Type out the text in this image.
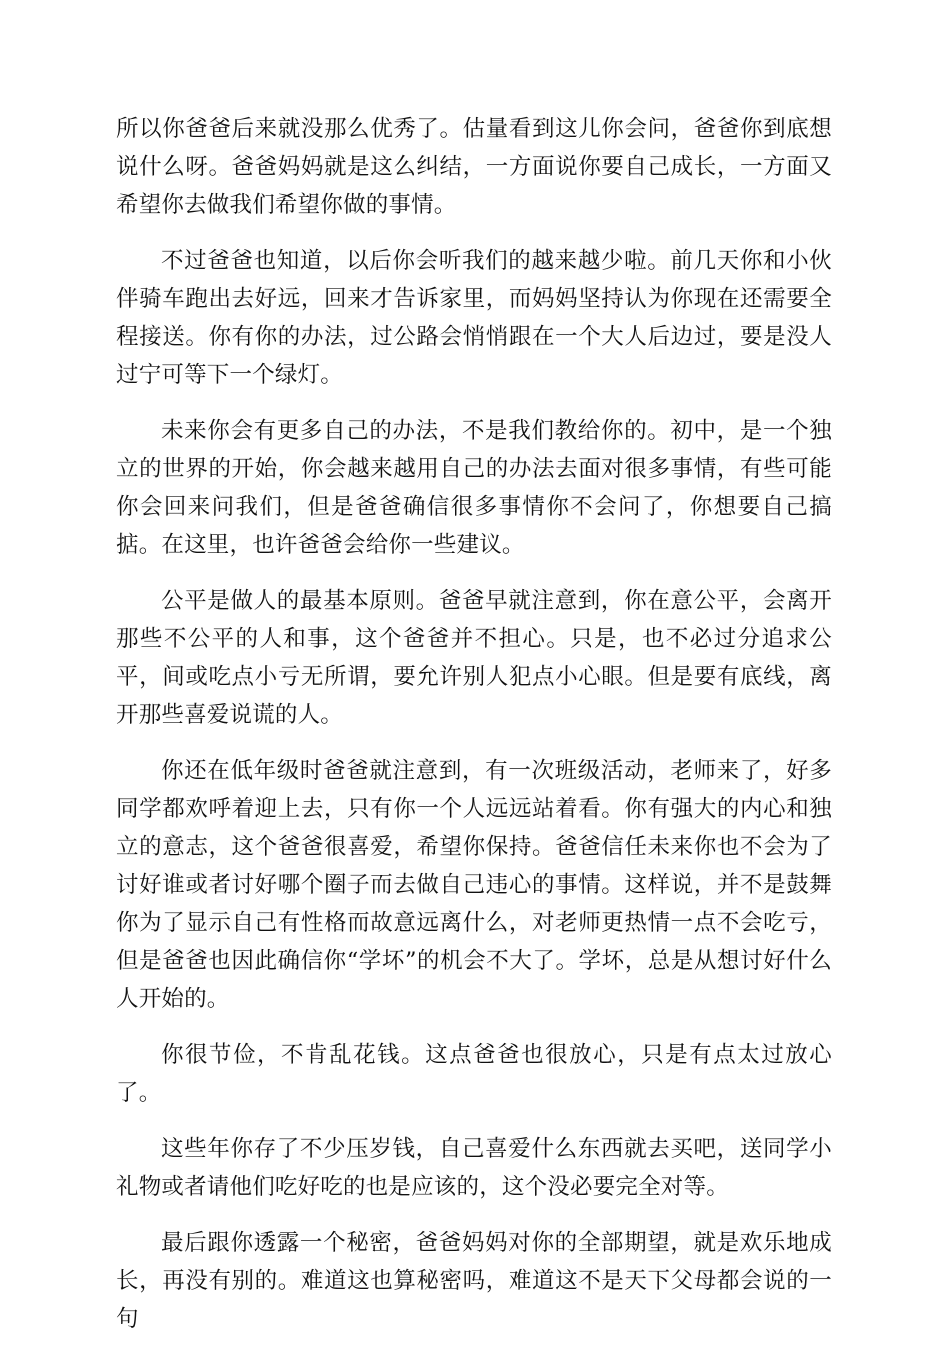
所以你爸爸后来就没那么优秀了。估量看到这儿你会问，爸爸你到底想说什么呀。爸爸妈妈就是这么纠结，一方面说你要自己成长，一方面又希望你去做我们希望你做的事情。

不过爸爸也知道，以后你会听我们的越来越少啦。前几天你和小伙伴骑车跑出去好远，回来才告诉家里，而妈妈坚持认为你现在还需要全程接送。你有你的办法，过公路会悄悄跟在一个大人后边过，要是没人过宁可等下一个绿灯。

未来你会有更多自己的办法，不是我们教给你的。初中，是一个独立的世界的开始，你会越来越用自己的办法去面对很多事情，有些可能你会回来问我们，但是爸爸确信很多事情你不会问了，你想要自己搞掂。在这里，也许爸爸会给你一些建议。

公平是做人的最基本原则。爸爸早就注意到，你在意公平，会离开那些不公平的人和事，这个爸爸并不担心。只是，也不必过分追求公平，间或吃点小亏无所谓，要允许别人犯点小心眼。但是要有底线，离开那些喜爱说谎的人。

你还在低年级时爸爸就注意到，有一次班级活动，老师来了，好多同学都欢呼着迎上去，只有你一个人远远站着看。你有强大的内心和独立的意志，这个爸爸很喜爱，希望你保持。爸爸信任未来你也不会为了讨好谁或者讨好哪个圈子而去做自己违心的事情。这样说，并不是鼓舞你为了显示自己有性格而故意远离什么，对老师更热情一点不会吃亏，但是爸爸也因此确信你“学坏”的机会不大了。学坏，总是从想讨好什么人开始的。

你很节俭，不肯乱花钱。这点爸爸也很放心，只是有点太过放心了。

这些年你存了不少压岁钱，自己喜爱什么东西就去买吧，送同学小礼物或者请他们吃好吃的也是应该的，这个没必要完全对等。

最后跟你透露一个秘密，爸爸妈妈对你的全部期望，就是欢乐地成长，再没有别的。难道这也算秘密吗，难道这不是天下父母都会说的一句
